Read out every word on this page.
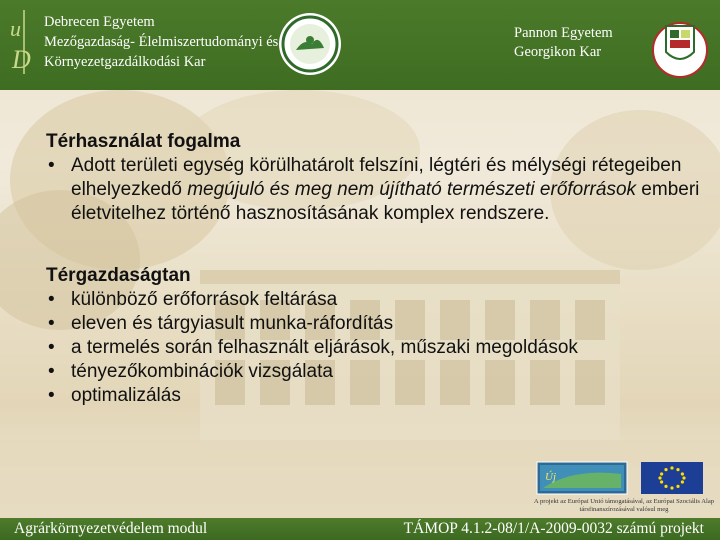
u
D
Debrecen Egyetem
Mezőgazdaság- Élelmiszertudományi és
Környezetgazdálkodási Kar
Pannon Egyetem
Georgikon Kar
Térhasználat fogalma
• Adott területi egység körülhatárolt felszíni, légtéri és mélységi rétegeiben elhelyezkedő megújuló és meg nem újítható természeti erőforrások emberi életvitelhez történő hasznosításának komplex rendszere.
Térgazdaságtan
• különböző erőforrások feltárása
• eleven és tárgyiasult munka-ráfordítás
• a termelés során felhasznált eljárások, műszaki megoldások
• tényezőkombinációk vizsgálata
• optimalizálás
Új
A projekt az Európai Unió támogatásával, az Európai Szociális Alap társfinanszírozásával valósul meg
Agrárkörnyezetvédelem modul	TÁMOP 4.1.2-08/1/A-2009-0032 számú projekt
